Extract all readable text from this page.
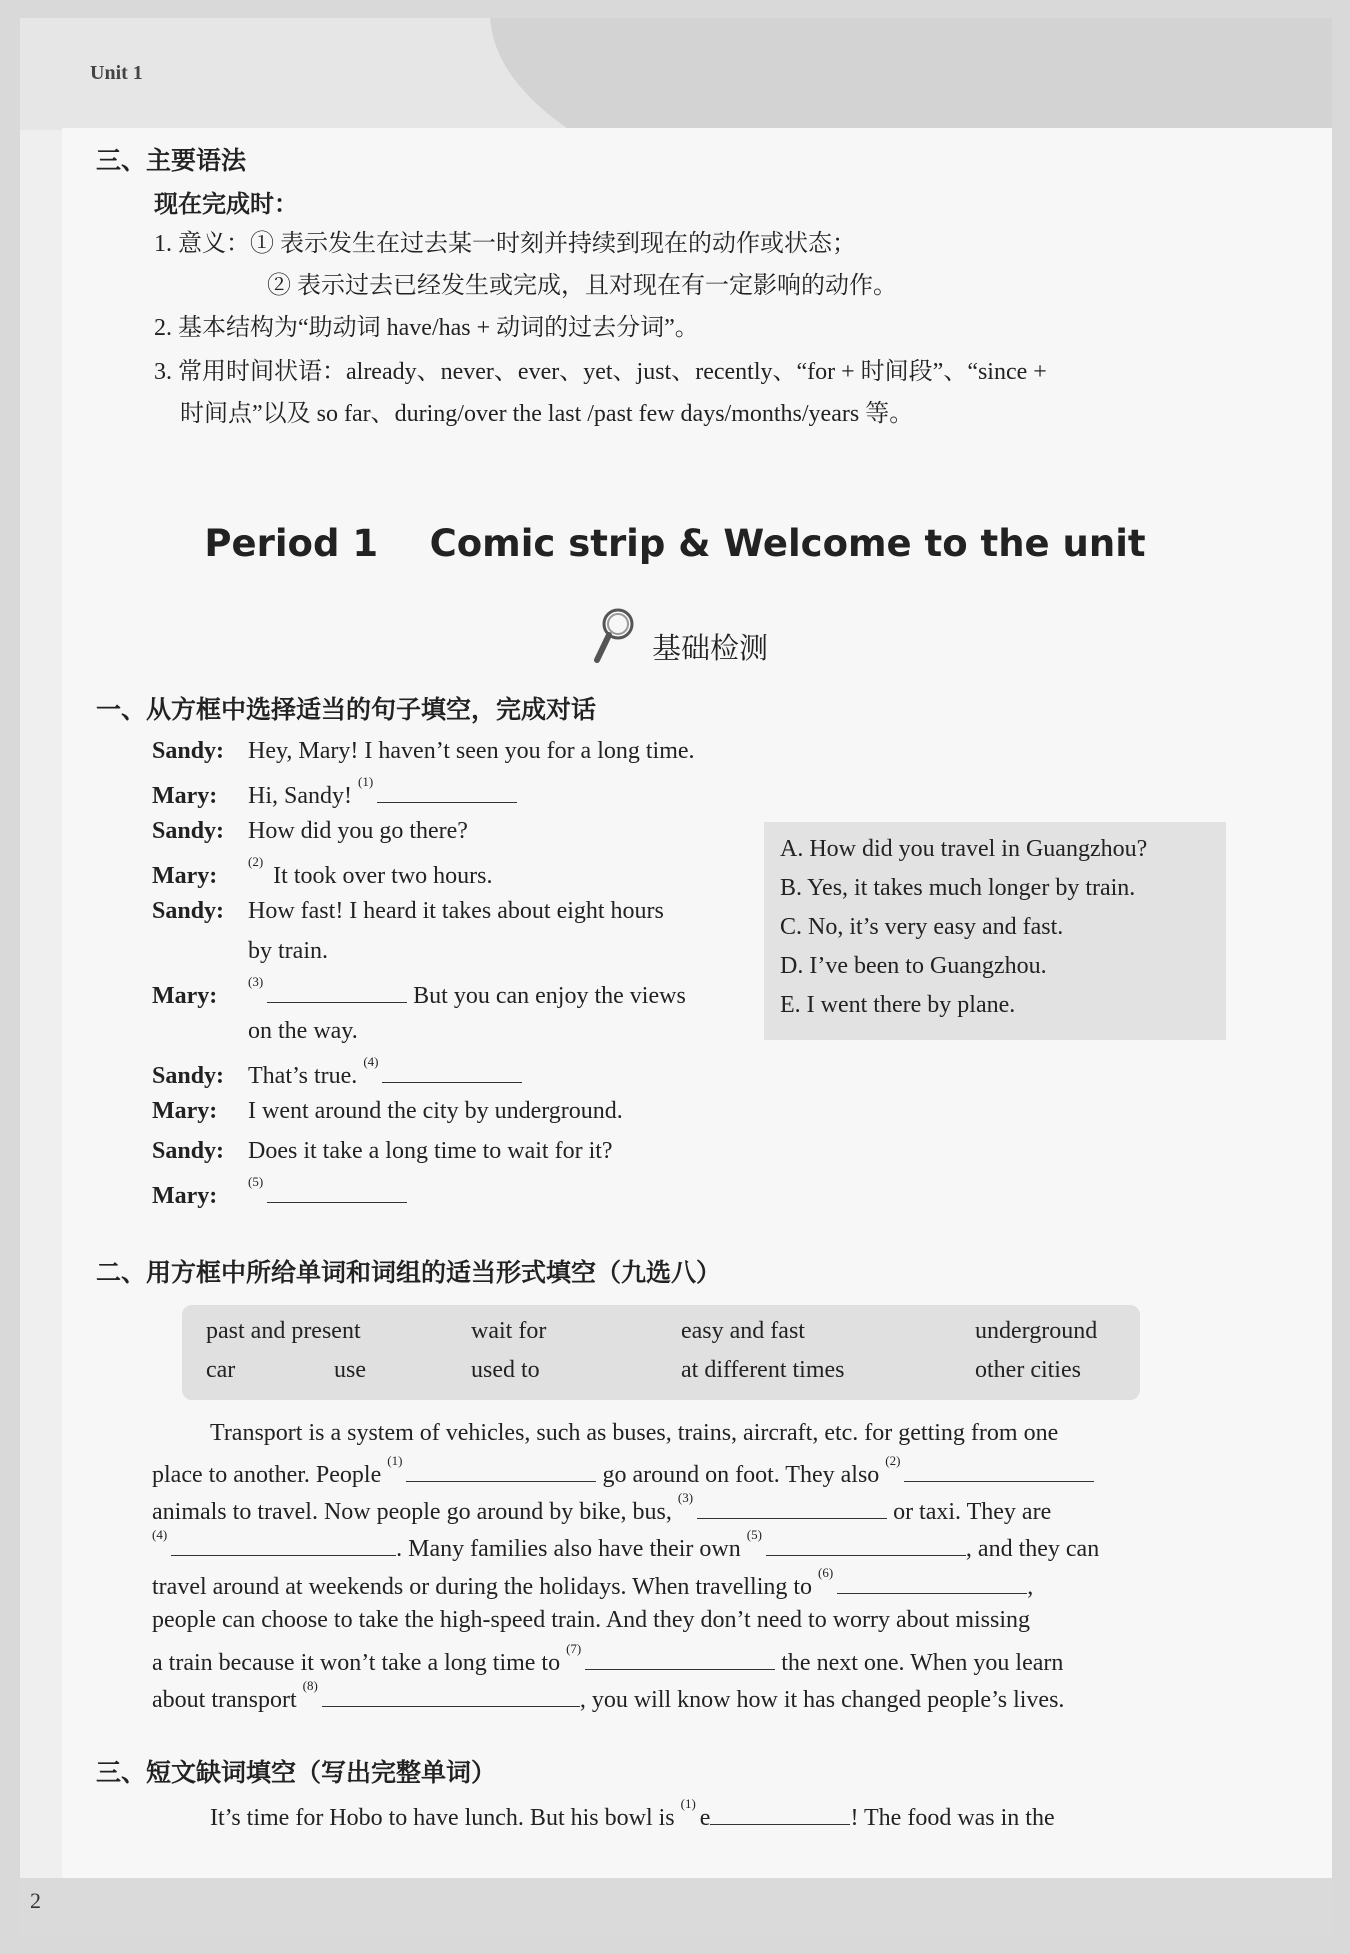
Unit 1
2
三、主要语法
现在完成时：
1. 意义：① 表示发生在过去某一时刻并持续到现在的动作或状态；
② 表示过去已经发生或完成，且对现在有一定影响的动作。
2. 基本结构为“助动词 have/has + 动词的过去分词”。
3. 常用时间状语：already、never、ever、yet、just、recently、“for + 时间段”、“since +
时间点”以及 so far、during/over the last /past few days/months/years 等。
Period 1    Comic strip & Welcome to the unit
基础检测
一、从方框中选择适当的句子填空，完成对话
Sandy: Hey, Mary! I haven’t seen you for a long time.
Mary: Hi, Sandy! $^{(1)}$
Sandy: How did you go there?
Mary:$^{(2)}$ It took over two hours.
Sandy: How fast! I heard it takes about eight hours
by train.
Mary:$^{(3)}$ But you can enjoy the views
on the way.
Sandy: That’s true. $^{(4)}$
Mary: I went around the city by underground.
Sandy: Does it take a long time to wait for it?
Mary:$^{(5)}$
A. How did you travel in Guangzhou?
B. Yes, it takes much longer by train.
C. No, it’s very easy and fast.
D. I’ve been to Guangzhou.
E. I went there by plane.
二、用方框中所给单词和词组的适当形式填空（九选八）
past and present	wait for	easy and fast	underground
car	use	used to	at different times	other cities
Transport is a system of vehicles, such as buses, trains, aircraft, etc. for getting from one
place to another. People $^{(1)}$ go around on foot. They also $^{(2)}$
animals to travel. Now people go around by bike, bus, $^{(3)}$ or taxi. They are
$^{(4)}$. Many families also have their own $^{(5)}$, and they can
travel around at weekends or during the holidays. When travelling to $^{(6)}$,
people can choose to take the high-speed train. And they don’t need to worry about missing
a train because it won’t take a long time to $^{(7)}$ the next one. When you learn
about transport $^{(8)}$, you will know how it has changed people’s lives.
三、短文缺词填空（写出完整单词）
It’s time for Hobo to have lunch. But his bowl is $^{(1)}$e	! The food was in the
